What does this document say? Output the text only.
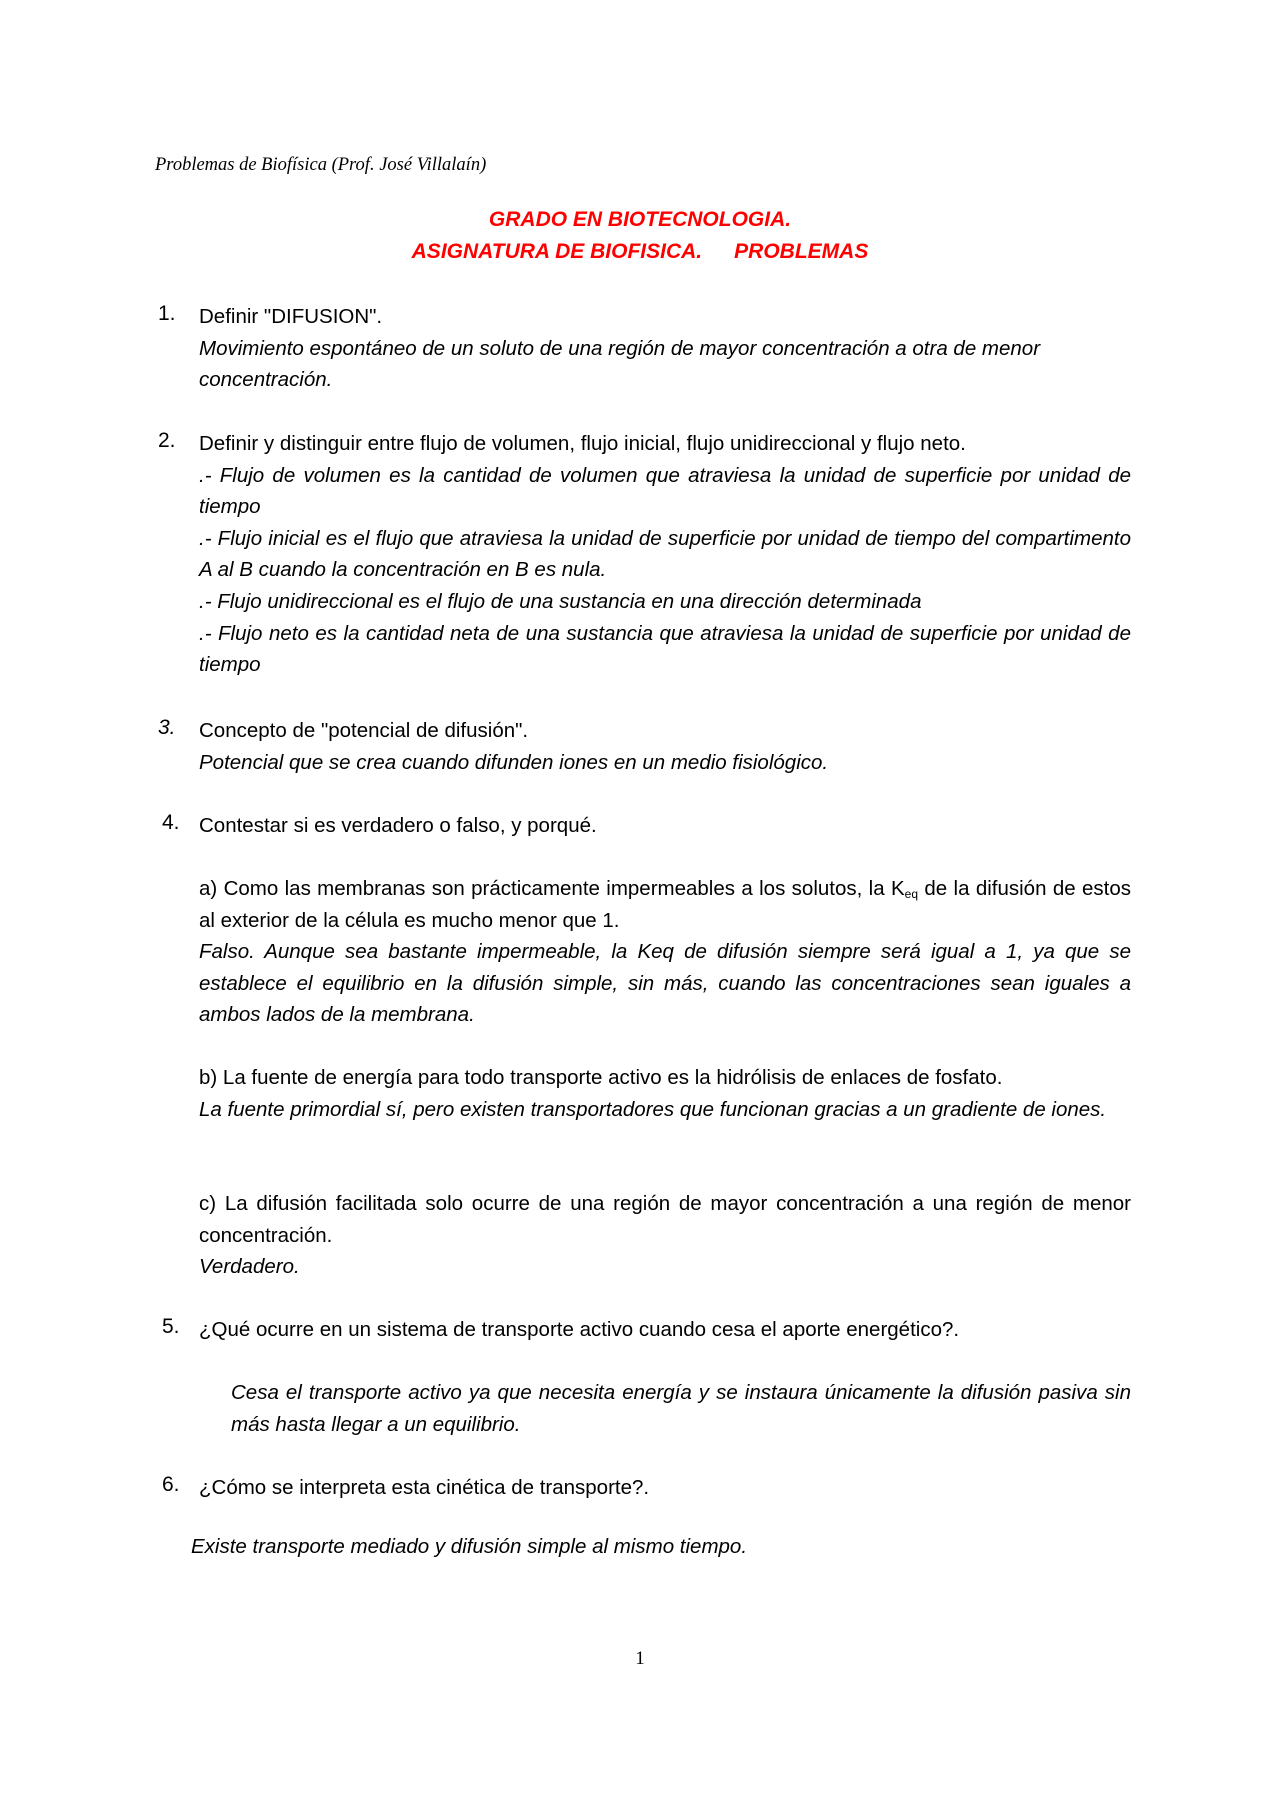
Problemas de Biofísica (Prof. José Villalaín)
GRADO EN BIOTECNOLOGIA.
ASIGNATURA DE BIOFISICA. PROBLEMAS
1. Definir "DIFUSION".

Movimiento espontáneo de un soluto de una región de mayor concentración a otra de menor concentración.

2. Definir y distinguir entre flujo de volumen, flujo inicial, flujo unidireccional y flujo neto.

.- Flujo de volumen es la cantidad de volumen que atraviesa la unidad de superficie por unidad de tiempo

.- Flujo inicial es el flujo que atraviesa la unidad de superficie por unidad de tiempo del compartimento A al B cuando la concentración en B es nula.

.- Flujo unidireccional es el flujo de una sustancia en una dirección determinada

.- Flujo neto es la cantidad neta de una sustancia que atraviesa la unidad de superficie por unidad de tiempo

3. Concepto de "potencial de difusión".

Potencial que se crea cuando difunden iones en un medio fisiológico.

4. Contestar si es verdadero o falso, y porqué.

a) Como las membranas son prácticamente impermeables a los solutos, la $K_{eq}$ de la difusión de estos al exterior de la célula es mucho menor que 1.

Falso. Aunque sea bastante impermeable, la Keq de difusión siempre será igual a 1, ya que se establece el equilibrio en la difusión simple, sin más, cuando las concentraciones sean iguales a ambos lados de la membrana.

b) La fuente de energía para todo transporte activo es la hidrólisis de enlaces de fosfato.

La fuente primordial sí, pero existen transportadores que funcionan gracias a un gradiente de iones.

c) La difusión facilitada solo ocurre de una región de mayor concentración a una región de menor concentración.

Verdadero.

5. ¿Qué ocurre en un sistema de transporte activo cuando cesa el aporte energético?.

Cesa el transporte activo ya que necesita energía y se instaura únicamente la difusión pasiva sin más hasta llegar a un equilibrio.

6. ¿Cómo se interpreta esta cinética de transporte?.

Existe transporte mediado y difusión simple al mismo tiempo.

1
